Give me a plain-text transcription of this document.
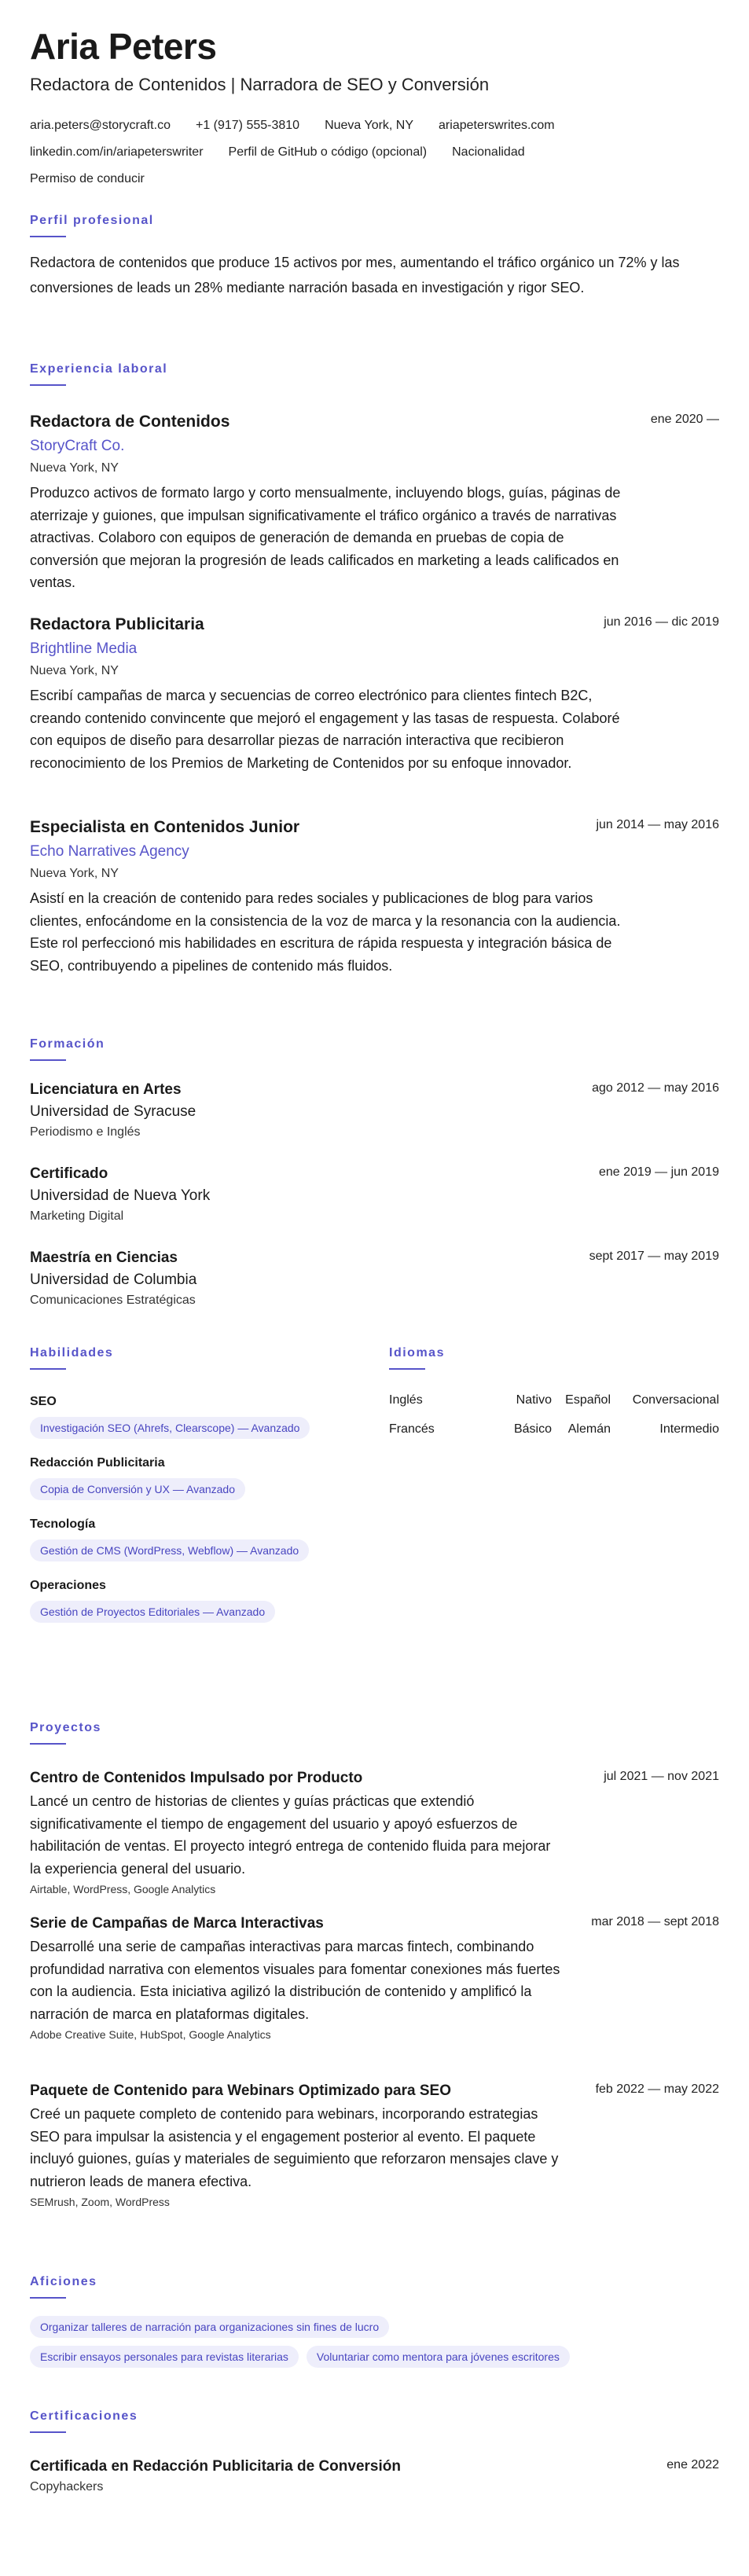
Aria Peters
Redactora de Contenidos | Narradora de SEO y Conversión
aria.peters@storycraft.co +1 (917) 555-3810 Nueva York, NY ariapeterswrites.com
linkedin.com/in/ariapeterswriter Perfil de GitHub o código (opcional) Nacionalidad
Permiso de conducir
Perfil profesional
Redactora de contenidos que produce 15 activos por mes, aumentando el tráfico orgánico un 72% y las conversiones de leads un 28% mediante narración basada en investigación y rigor SEO.
Experiencia laboral
Redactora de Contenidos	ene 2020 —
StoryCraft Co.
Nueva York, NY
Produzco activos de formato largo y corto mensualmente, incluyendo blogs, guías, páginas de aterrizaje y guiones, que impulsan significativamente el tráfico orgánico a través de narrativas atractivas. Colaboro con equipos de generación de demanda en pruebas de copia de conversión que mejoran la progresión de leads calificados en marketing a leads calificados en ventas.
Redactora Publicitaria	jun 2016 — dic 2019
Brightline Media
Nueva York, NY
Escribí campañas de marca y secuencias de correo electrónico para clientes fintech B2C, creando contenido convincente que mejoró el engagement y las tasas de respuesta. Colaboré con equipos de diseño para desarrollar piezas de narración interactiva que recibieron reconocimiento de los Premios de Marketing de Contenidos por su enfoque innovador.
Especialista en Contenidos Junior	jun 2014 — may 2016
Echo Narratives Agency
Nueva York, NY
Asistí en la creación de contenido para redes sociales y publicaciones de blog para varios clientes, enfocándome en la consistencia de la voz de marca y la resonancia con la audiencia. Este rol perfeccionó mis habilidades en escritura de rápida respuesta y integración básica de SEO, contribuyendo a pipelines de contenido más fluidos.
Formación
Licenciatura en Artes	ago 2012 — may 2016
Universidad de Syracuse
Periodismo e Inglés
Certificado	ene 2019 — jun 2019
Universidad de Nueva York
Marketing Digital
Maestría en Ciencias	sept 2017 — may 2019
Universidad de Columbia
Comunicaciones Estratégicas
Habilidades
SEO
Investigación SEO (Ahrefs, Clearscope) — Avanzado
Redacción Publicitaria
Copia de Conversión y UX — Avanzado
Tecnología
Gestión de CMS (WordPress, Webflow) — Avanzado
Operaciones
Gestión de Proyectos Editoriales — Avanzado
Idiomas
Inglés	Nativo	Español	Conversacional
Francés	Básico	Alemán	Intermedio
Proyectos
Centro de Contenidos Impulsado por Producto	jul 2021 — nov 2021
Lancé un centro de historias de clientes y guías prácticas que extendió significativamente el tiempo de engagement del usuario y apoyó esfuerzos de habilitación de ventas. El proyecto integró entrega de contenido fluida para mejorar la experiencia general del usuario.
Airtable, WordPress, Google Analytics
Serie de Campañas de Marca Interactivas	mar 2018 — sept 2018
Desarrollé una serie de campañas interactivas para marcas fintech, combinando profundidad narrativa con elementos visuales para fomentar conexiones más fuertes con la audiencia. Esta iniciativa agilizó la distribución de contenido y amplificó la narración de marca en plataformas digitales.
Adobe Creative Suite, HubSpot, Google Analytics
Paquete de Contenido para Webinars Optimizado para SEO	feb 2022 — may 2022
Creé un paquete completo de contenido para webinars, incorporando estrategias SEO para impulsar la asistencia y el engagement posterior al evento. El paquete incluyó guiones, guías y materiales de seguimiento que reforzaron mensajes clave y nutrieron leads de manera efectiva.
SEMrush, Zoom, WordPress
Aficiones
Organizar talleres de narración para organizaciones sin fines de lucro
Escribir ensayos personales para revistas literarias	Voluntariar como mentora para jóvenes escritores
Certificaciones
Certificada en Redacción Publicitaria de Conversión	ene 2022
Copyhackers
